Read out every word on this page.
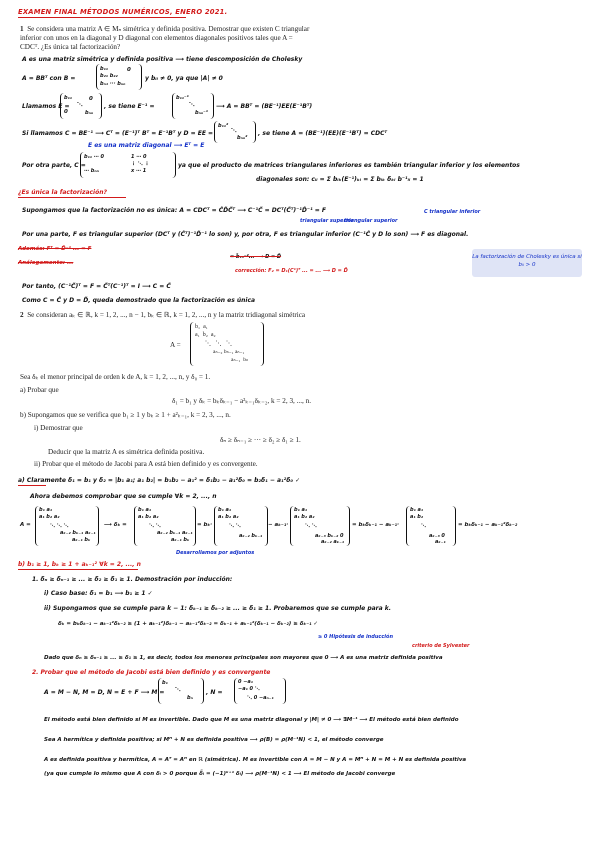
EXAMEN FINAL MÉTODOS NUMÉRICOS, ENERO 2021.
1 Se considera una matriz A ∈ Mₙ simétrica y definida positiva. Demostrar que existen C triangular
inferior con unos en la diagonal y D diagonal con elementos diagonales positivos tales que A =
CDCᵀ. ¿Es única tal factorización?
A es una matriz simétrica y definida positiva ⟶ tiene descomposición de Cholesky
A = BBᵀ con B =
b₁₁
b₂₁ b₂₂
bₙ₁ ··· bₙₙ
0
y bᵢᵢ ≠ 0, ya que |A| ≠ 0
Llamamos E =
b₁₁
⋱
bₙₙ
0
0
, se tiene E⁻¹ =
b₁₁⁻¹
⋱
bₙₙ⁻¹
⟶ A = BBᵀ = (BE⁻¹)EE(E⁻¹Bᵀ)
Si llamamos C = BE⁻¹ ⟶ Cᵀ = (E⁻¹)ᵀ Bᵀ = E⁻¹Bᵀ y D = EE =
b₁₁²
⋱
bₙₙ²
, se tiene A = (BE⁻¹)(EE)(E⁻¹Bᵀ) = CDCᵀ
E es una matriz diagonal ⟶ Eᵀ = E
Por otra parte, C =
b₁₁ ⋯ 0
⋯ bₙₙ
1 ⋯ 0
⋮ ⋱ ⋮
x ⋯ 1
ya que el producto de matrices triangulares inferiores es también triangular inferior y los elementos
diagonales son: cᵢᵢ = Σ bᵢₖ(E⁻¹)ₖᵢ = Σ bᵢₖ δₖᵢ b⁻¹ᵢᵢ = 1
¿Es única la factorización?
Supongamos que la factorización no es única: A = CDCᵀ = C̃D̃C̃ᵀ ⟶ C⁻¹C̃ = DCᵀ(C̃ᵀ)⁻¹D̃⁻¹ = F	C triangular inferior
triangular superior
triangular superior
Por una parte, F es triangular superior (DCᵀ y (C̃ᵀ)⁻¹D̃⁻¹ lo son) y, por otra, F es triangular inferior (C⁻¹C̃ y D lo son) ⟶ F es diagonal.
Además: Fᵀ = D̃⁻¹ ... = F
Análogamente: ...
= b̃₁₁⁻²... ⟶ D = D̃
corrección: F₂ = D₁(C¹)ᵀ ... = ... ⟶ D = D̃
La factorización de Cholesky es única si bᵢᵢ > 0
Por tanto, (C⁻¹C̃)ᵀ = F = C̃ᵀ(C⁻¹)ᵀ = I ⟶ C = C̃
Como C = C̃ y D = D̃, queda demostrado que la factorización es única
2 Se consideran aₖ ∈ ℝ, k = 1, 2, ..., n − 1, bₖ ∈ ℝ, k = 1, 2, ..., n y la matriz tridiagonal simétrica
A =
b₁  a₁
a₁  b₂  a₂
⋱   ⋱   ⋱
aₙ₋₂ bₙ₋₁ aₙ₋₁
aₙ₋₁  bₙ
Sea δₖ el menor principal de orden k de A, k = 1, 2, ..., n, y δ₀ = 1.
a) Probar que
δ₁ = b₁ y δₖ = bₖδₖ₋₁ − a²ₖ₋₁δₖ₋₂, k = 2, 3, ..., n.
b) Supongamos que se verifica que b₁ ≥ 1 y bₖ ≥ 1 + a²ₖ₋₁, k = 2, 3, ..., n.
i) Demostrar que
δₙ ≥ δₙ₋₁ ≥ ··· ≥ δ₂ ≥ δ₁ ≥ 1.
Deducir que la matriz A es simétrica definida positiva.
ii) Probar que el método de Jacobi para A está bien definido y es convergente.
a) Claramente δ₁ = b₁ y δ₂ = |b₁ a₁; a₁ b₂| = b₁b₂ − a₁² = δ₁b₂ − a₁²δ₀ = b₂δ₁ − a₁²δ₀ ✓
Ahora debemos comprobar que se cumple ∀k = 2, ..., n
A =
b₁ a₁
a₁ b₂ a₂
⋱ ⋱ ⋱
aₖ₋₂ bₖ₋₁ aₖ₋₁
aₖ₋₁ bₖ
⟶ δₖ =
b₁ a₁
a₁ b₂ a₂
⋱ ⋱
aₖ₋₂ bₖ₋₁ aₖ₋₁
aₖ₋₁ bₖ
= bₖ·
b₁ a₁
a₁ b₂ a₂
⋱ ⋱
aₖ₋₂ bₖ₋₁
− aₖ₋₁·
b₁ a₁
a₁ b₂ a₂
⋱ ⋱
aₖ₋₃ bₖ₋₂ 0
aₖ₋₂ aₖ₋₁
= bₖδₖ₋₁ − aₖ₋₁·
b₁ a₁
a₁ b₂
⋱
aₖ₋₃ 0
aₖ₋₁
= bₖδₖ₋₁ − aₖ₋₁²δₖ₋₂
Desarrollamos por adjuntos
b) b₁ ≥ 1, bₖ ≥ 1 + aₖ₋₁² ∀k = 2, ..., n
1. δₙ ≥ δₙ₋₁ ≥ ... ≥ δ₂ ≥ δ₁ ≥ 1. Demostración por inducción:
i) Caso base: δ₁ = b₁ ⟶ b₁ ≥ 1 ✓
ii) Supongamos que se cumple para k − 1: δₖ₋₁ ≥ δₖ₋₂ ≥ ... ≥ δ₁ ≥ 1. Probaremos que se cumple para k.
δₖ = bₖδₖ₋₁ − aₖ₋₁²δₖ₋₂ ≥ (1 + aₖ₋₁²)δₖ₋₁ − aₖ₋₁²δₖ₋₂ = δₖ₋₁ + aₖ₋₁²(δₖ₋₁ − δₖ₋₂) ≥ δₖ₋₁ ✓
≥ 0 Hipótesis de inducción
criterio de Sylvester
Dado que δₙ ≥ δₙ₋₁ ≥ ... ≥ δ₁ ≥ 1, es decir, todos los menores principales son mayores que 0 ⟶ A es una matriz definida positiva
2. Probar que el método de Jacobi está bien definido y es convergente
A = M − N, M = D, N = E + F ⟶ M =
b₁
⋱
bₙ
, N =
0 −a₁
−a₁ 0 ⋱
⋱ 0 −aₙ₋₁
El método está bien definido si M es invertible. Dado que M es una matriz diagonal y |M| ≠ 0 ⟶ ∃M⁻¹ ⟶ El método está bien definido
Sea A hermítica y definida positiva; si Mᴴ + N es definida positiva ⟶ ρ(B) = ρ(M⁻¹N) < 1, el método converge
A es definida positiva y hermítica, A = Aᵀ = Aᴴ en ℝ (simétrica). M es invertible con A = M − N y A = Mᴴ + N = M + N es definida positiva
(ya que cumple lo mismo que A con δᵢ > 0 porque δ̃ᵢ = (−1)ᵏ⁺¹ δᵢ) ⟶ ρ(M⁻¹N) < 1 ⟶ El método de Jacobi converge
